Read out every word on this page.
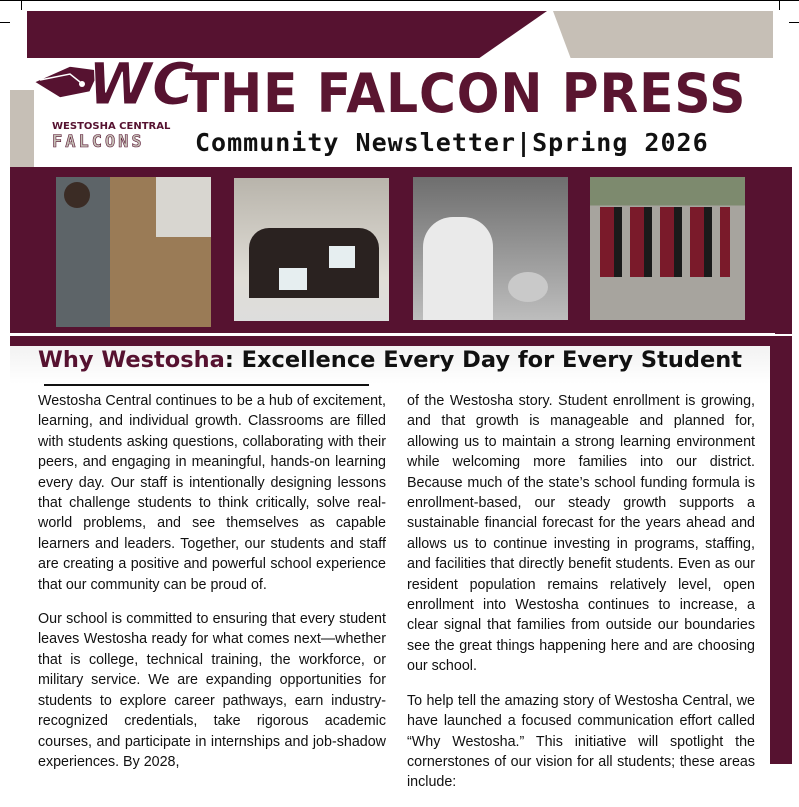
WC
WESTOSHA CENTRAL
FALCONS
THE FALCON PRESS
Community Newsletter|Spring 2026
Why Westosha: Excellence Every Day for Every Student

Westosha Central continues to be a hub of excitement, learning, and individual growth. Classrooms are filled with students asking questions, collaborating with their peers, and engaging in meaningful, hands-on learning every day. Our staff is intentionally designing lessons that challenge students to think critically, solve real-world problems, and see themselves as capable learners and leaders. Together, our students and staff are creating a positive and powerful school experience that our community can be proud of.

Our school is committed to ensuring that every student leaves Westosha ready for what comes next—whether that is college, technical training, the workforce, or military service. We are expanding opportunities for students to explore career pathways, earn industry-recognized credentials, take rigorous academic courses, and participate in internships and job-shadow experiences. By 2028,

of the Westosha story. Student enrollment is growing, and that growth is manageable and planned for, allowing us to maintain a strong learning environment while welcoming more families into our district. Because much of the state’s school funding formula is enrollment-based, our steady growth supports a sustainable financial forecast for the years ahead and allows us to continue investing in programs, staffing, and facilities that directly benefit students. Even as our resident population remains relatively level, open enrollment into Westosha continues to increase, a clear signal that families from outside our boundaries see the great things happening here and are choosing our school.

To help tell the amazing story of Westosha Central, we have launched a focused communication effort called “Why Westosha.” This initiative will spotlight the cornerstones of our vision for all students; these areas include:
